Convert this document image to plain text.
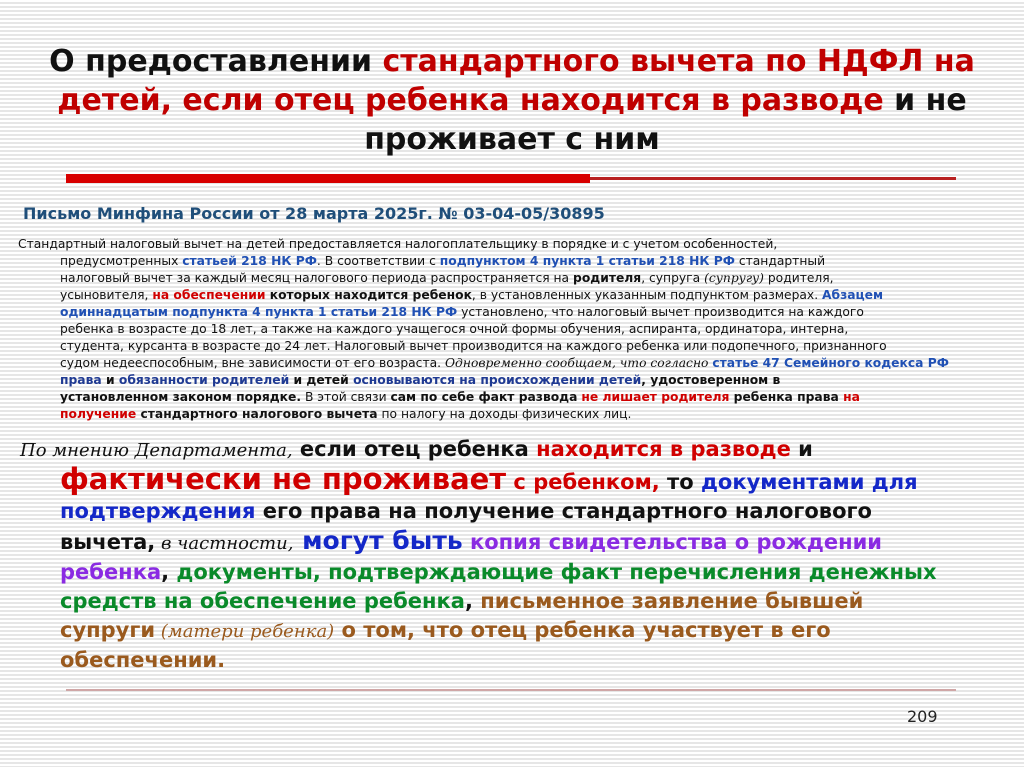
О предоставлении стандартного вычета по НДФЛ на детей, если отец ребенка находится в разводе и не проживает с ним
Письмо Минфина России от 28 марта 2025г. № 03-04-05/30895
Стандартный налоговый вычет на детей предоставляется налогоплательщику в порядке и с учетом особенностей,
предусмотренных статьей 218 НК РФ. В соответствии с подпунктом 4 пункта 1 статьи 218 НК РФ стандартный
налоговый вычет за каждый месяц налогового периода распространяется на родителя, супруга (супругу) родителя,
усыновителя, на обеспечении которых находится ребенок, в установленных указанным подпунктом размерах. Абзацем
одиннадцатым подпункта 4 пункта 1 статьи 218 НК РФ установлено, что налоговый вычет производится на каждого
ребенка в возрасте до 18 лет, а также на каждого учащегося очной формы обучения, аспиранта, ординатора, интерна,
студента, курсанта в возрасте до 24 лет. Налоговый вычет производится на каждого ребенка или подопечного, признанного
судом недееспособным, вне зависимости от его возраста. Одновременно сообщаем, что согласно статье 47 Семейного кодекса РФ
права и обязанности родителей и детей основываются на происхождении детей, удостоверенном в
установленном законом порядке. В этой связи сам по себе факт развода не лишает родителя ребенка права на
получение стандартного налогового вычета по налогу на доходы физических лиц.
По мнению Департамента, если отец ребенка находится в разводе и
фактически не проживает с ребенком, то документами для
подтверждения его права на получение стандартного налогового
вычета, в частности, могут быть копия свидетельства о рождении
ребенка, документы, подтверждающие факт перечисления денежных
средств на обеспечение ребенка, письменное заявление бывшей
супруги (матери ребенка) о том, что отец ребенка участвует в его
обеспечении.
209
